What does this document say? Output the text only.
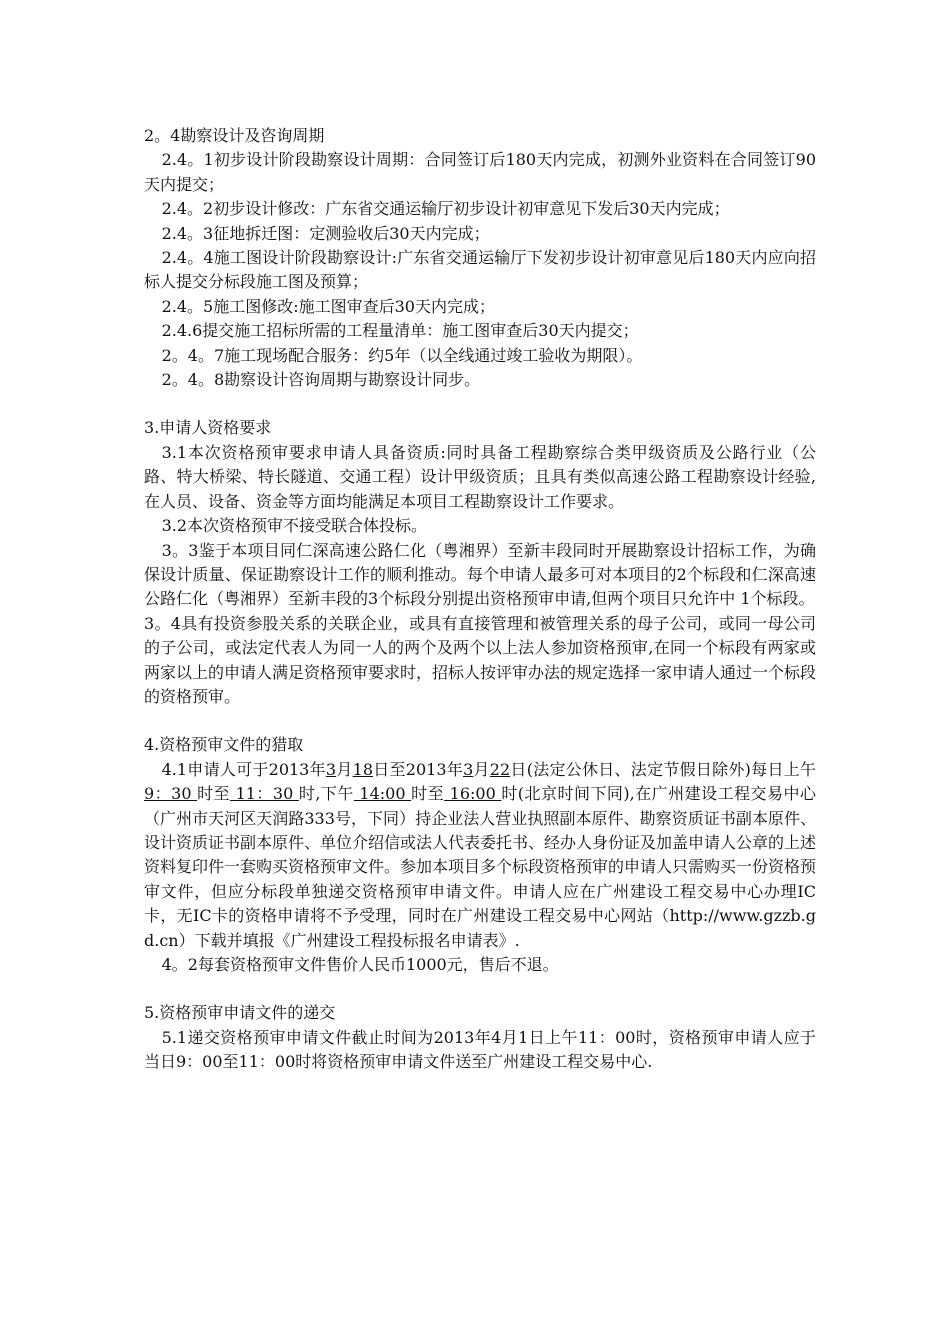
2。4勘察设计及咨询周期

2.4。1初步设计阶段勘察设计周期：合同签订后180天内完成，初测外业资料在合同签订90天内提交；

2.4。2初步设计修改：广东省交通运输厅初步设计初审意见下发后30天内完成；

2.4。3征地拆迁图：定测验收后30天内完成；

2.4。4施工图设计阶段勘察设计:广东省交通运输厅下发初步设计初审意见后180天内应向招标人提交分标段施工图及预算；

2.4。5施工图修改:施工图审查后30天内完成；

2.4.6提交施工招标所需的工程量清单：施工图审查后30天内提交；

2。4。7施工现场配合服务：约5年（以全线通过竣工验收为期限）。

2。4。8勘察设计咨询周期与勘察设计同步。

3.申请人资格要求

3.1本次资格预审要求申请人具备资质:同时具备工程勘察综合类甲级资质及公路行业（公路、特大桥梁、特长隧道、交通工程）设计甲级资质；且具有类似高速公路工程勘察设计经验,在人员、设备、资金等方面均能满足本项目工程勘察设计工作要求。

3.2本次资格预审不接受联合体投标。

3。3鉴于本项目同仁深高速公路仁化（粤湘界）至新丰段同时开展勘察设计招标工作，为确保设计质量、保证勘察设计工作的顺利推动。每个申请人最多可对本项目的2个标段和仁深高速公路仁化（粤湘界）至新丰段的3个标段分别提出资格预审申请,但两个项目只允许中 1个标段。

3。4具有投资参股关系的关联企业，或具有直接管理和被管理关系的母子公司，或同一母公司的子公司，或法定代表人为同一人的两个及两个以上法人参加资格预审,在同一个标段有两家或两家以上的申请人满足资格预审要求时，招标人按评审办法的规定选择一家申请人通过一个标段的资格预审。

4.资格预审文件的猎取

4.1申请人可于2013年3月18日至2013年3月22日(法定公休日、法定节假日除外)每日上午 9：30 时至 11：30 时,下午 14:00 时至 16:00 时(北京时间下同),在广州建设工程交易中心（广州市天河区天润路333号，下同）持企业法人营业执照副本原件、勘察资质证书副本原件、设计资质证书副本原件、单位介绍信或法人代表委托书、经办人身份证及加盖申请人公章的上述资料复印件一套购买资格预审文件。参加本项目多个标段资格预审的申请人只需购买一份资格预审文件，但应分标段单独递交资格预审申请文件。申请人应在广州建设工程交易中心办理IC卡，无IC卡的资格申请将不予受理，同时在广州建设工程交易中心网站（http://www.gzzb.gd.cn）下载并填报《广州建设工程投标报名申请表》.

4。2每套资格预审文件售价人民币1000元，售后不退。

5.资格预审申请文件的递交

5.1递交资格预审申请文件截止时间为2013年4月1日上午11：00时，资格预审申请人应于当日9：00至11：00时将资格预审申请文件送至广州建设工程交易中心.
